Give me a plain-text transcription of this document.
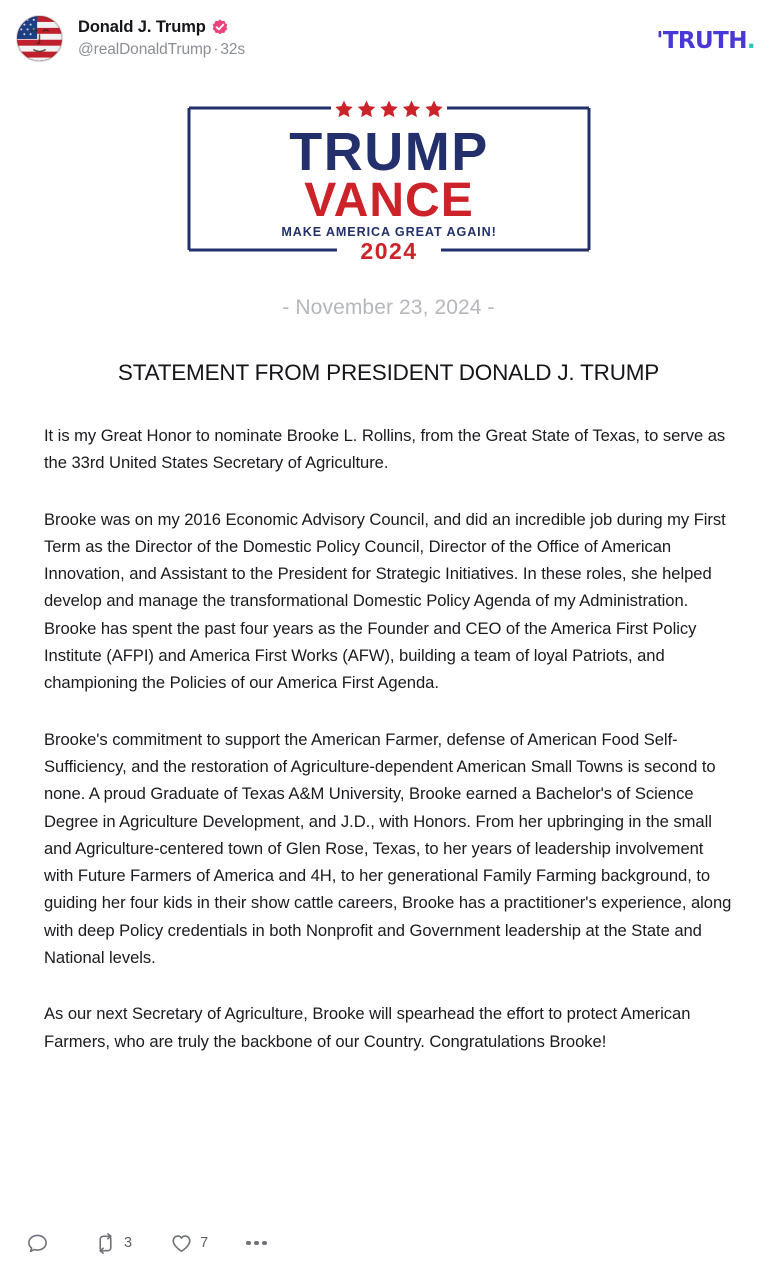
Donald J. Trump
@realDonaldTrump · 32s	'TRUTH.
TRUMP
VANCE
MAKE AMERICA GREAT AGAIN!
2024
- November 23, 2024 -
STATEMENT FROM PRESIDENT DONALD J. TRUMP

It is my Great Honor to nominate Brooke L. Rollins, from the Great State of Texas, to serve as the 33rd United States Secretary of Agriculture.

Brooke was on my 2016 Economic Advisory Council, and did an incredible job during my First Term as the Director of the Domestic Policy Council, Director of the Office of American Innovation, and Assistant to the President for Strategic Initiatives. In these roles, she helped develop and manage the transformational Domestic Policy Agenda of my Administration. Brooke has spent the past four years as the Founder and CEO of the America First Policy Institute (AFPI) and America First Works (AFW), building a team of loyal Patriots, and championing the Policies of our America First Agenda.

Brooke's commitment to support the American Farmer, defense of American Food Self-Sufficiency, and the restoration of Agriculture-dependent American Small Towns is second to none. A proud Graduate of Texas A&M University, Brooke earned a Bachelor's of Science Degree in Agriculture Development, and J.D., with Honors. From her upbringing in the small and Agriculture-centered town of Glen Rose, Texas, to her years of leadership involvement with Future Farmers of America and 4H, to her generational Family Farming background, to guiding her four kids in their show cattle careers, Brooke has a practitioner's experience, along with deep Policy credentials in both Nonprofit and Government leadership at the State and National levels.

As our next Secretary of Agriculture, Brooke will spearhead the effort to protect American Farmers, who are truly the backbone of our Country. Congratulations Brooke!

3	7
